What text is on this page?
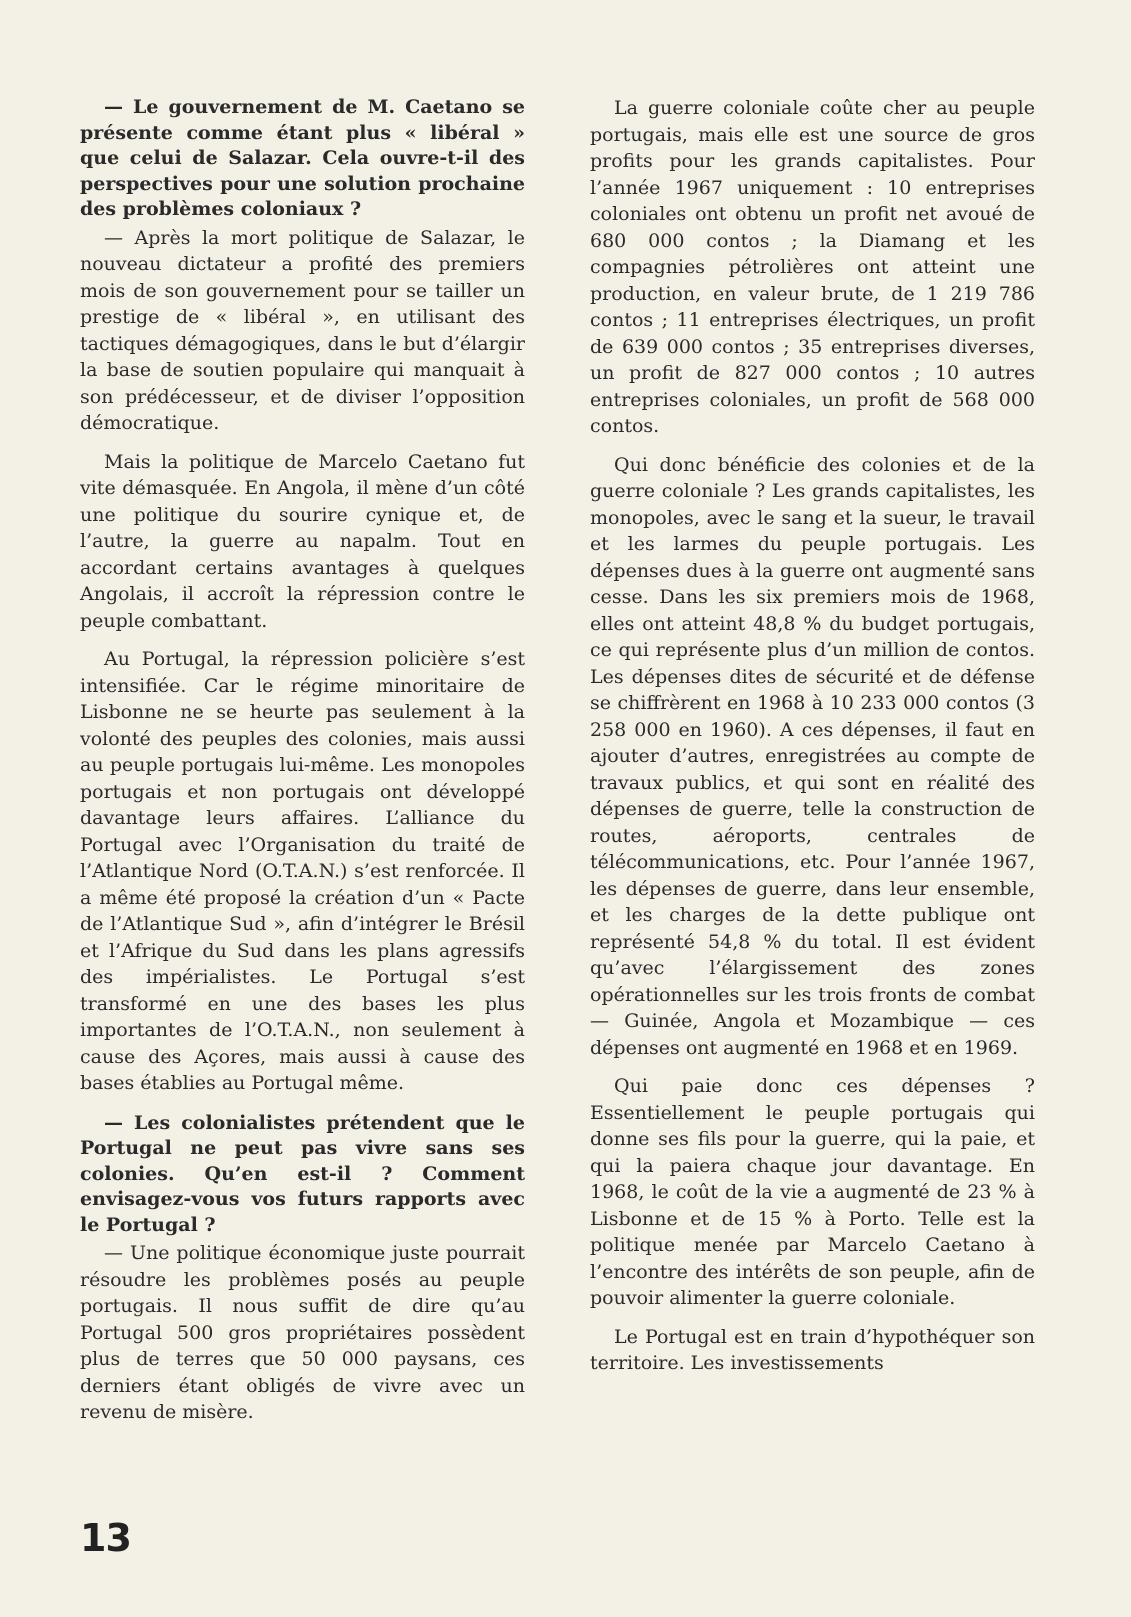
— Le gouvernement de M. Caetano se présente comme étant plus « libéral » que celui de Salazar. Cela ouvre-t-il des perspectives pour une solution prochaine des problèmes coloniaux ?

— Après la mort politique de Salazar, le nouveau dictateur a profité des premiers mois de son gouvernement pour se tailler un prestige de « libéral », en utilisant des tactiques démagogiques, dans le but d’élargir la base de soutien populaire qui manquait à son prédécesseur, et de diviser l’opposition démocratique.

Mais la politique de Marcelo Caetano fut vite démasquée. En Angola, il mène d’un côté une politique du sourire cynique et, de l’autre, la guerre au napalm. Tout en accordant certains avantages à quelques Angolais, il accroît la répression contre le peuple combattant.

Au Portugal, la répression policière s’est intensifiée. Car le régime minoritaire de Lisbonne ne se heurte pas seulement à la volonté des peuples des colonies, mais aussi au peuple portugais lui-même. Les monopoles portugais et non portugais ont développé davantage leurs affaires. L’alliance du Portugal avec l’Organisation du traité de l’Atlantique Nord (O.T.A.N.) s’est renforcée. Il a même été proposé la création d’un « Pacte de l’Atlantique Sud », afin d’intégrer le Brésil et l’Afrique du Sud dans les plans agressifs des impérialistes. Le Portugal s’est transformé en une des bases les plus importantes de l’O.T.A.N., non seulement à cause des Açores, mais aussi à cause des bases établies au Portugal même.

— Les colonialistes prétendent que le Portugal ne peut pas vivre sans ses colonies. Qu’en est-il ? Comment envisagez-vous vos futurs rapports avec le Portugal ?

— Une politique économique juste pourrait résoudre les problèmes posés au peuple portugais. Il nous suffit de dire qu’au Portugal 500 gros propriétaires possèdent plus de terres que 50 000 paysans, ces derniers étant obligés de vivre avec un revenu de misère.

La guerre coloniale coûte cher au peuple portugais, mais elle est une source de gros profits pour les grands capitalistes. Pour l’année 1967 uniquement : 10 entreprises coloniales ont obtenu un profit net avoué de 680 000 contos ; la Diamang et les compagnies pétrolières ont atteint une production, en valeur brute, de 1 219 786 contos ; 11 entreprises électriques, un profit de 639 000 contos ; 35 entreprises diverses, un profit de 827 000 contos ; 10 autres entreprises coloniales, un profit de 568 000 contos.

Qui donc bénéficie des colonies et de la guerre coloniale ? Les grands capitalistes, les monopoles, avec le sang et la sueur, le travail et les larmes du peuple portugais. Les dépenses dues à la guerre ont augmenté sans cesse. Dans les six premiers mois de 1968, elles ont atteint 48,8 % du budget portugais, ce qui représente plus d’un million de contos. Les dépenses dites de sécurité et de défense se chiffrèrent en 1968 à 10 233 000 contos (3 258 000 en 1960). A ces dépenses, il faut en ajouter d’autres, enregistrées au compte de travaux publics, et qui sont en réalité des dépenses de guerre, telle la construction de routes, aéroports, centrales de télécommunications, etc. Pour l’année 1967, les dépenses de guerre, dans leur ensemble, et les charges de la dette publique ont représenté 54,8 % du total. Il est évident qu’avec l’élargissement des zones opérationnelles sur les trois fronts de combat — Guinée, Angola et Mozambique — ces dépenses ont augmenté en 1968 et en 1969.

Qui paie donc ces dépenses ? Essentiellement le peuple portugais qui donne ses fils pour la guerre, qui la paie, et qui la paiera chaque jour davantage. En 1968, le coût de la vie a augmenté de 23 % à Lisbonne et de 15 % à Porto. Telle est la politique menée par Marcelo Caetano à l’encontre des intérêts de son peuple, afin de pouvoir alimenter la guerre coloniale.

Le Portugal est en train d’hypothéquer son territoire. Les investissements

13
